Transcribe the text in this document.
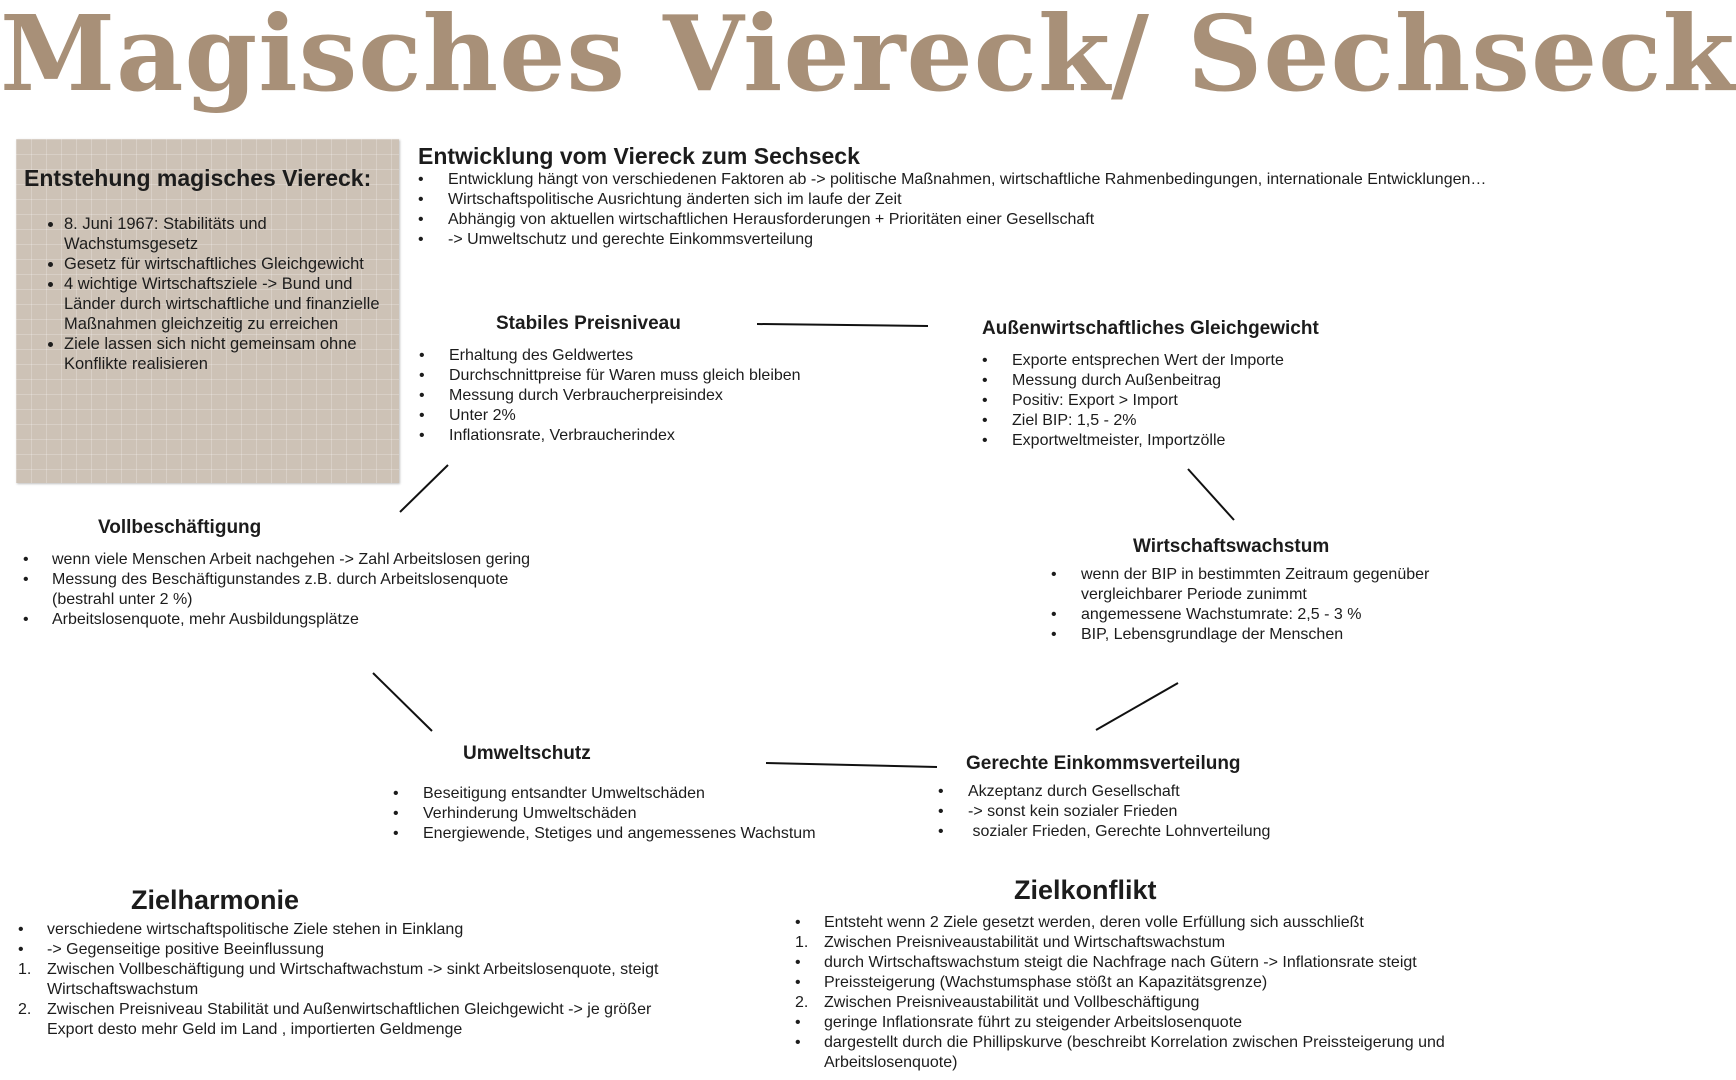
Magisches Viereck/ Sechseck
Entstehung magisches Viereck:
• 8. Juni 1967: Stabilitäts und Wachstumsgesetz
• Gesetz für wirtschaftliches Gleichgewicht
• 4 wichtige Wirtschaftsziele -> Bund und Länder durch wirtschaftliche und finanzielle Maßnahmen gleichzeitig zu erreichen
• Ziele lassen sich nicht gemeinsam ohne Konflikte realisieren
Entwicklung vom Viereck zum Sechseck
• Entwicklung hängt von verschiedenen Faktoren ab -> politische Maßnahmen, wirtschaftliche Rahmenbedingungen, internationale Entwicklungen…
• Wirtschaftspolitische Ausrichtung änderten sich im laufe der Zeit
• Abhängig von aktuellen wirtschaftlichen Herausforderungen + Prioritäten einer Gesellschaft
• -> Umweltschutz und gerechte Einkommsverteilung
Stabiles Preisniveau
• Erhaltung des Geldwertes
• Durchschnittpreise für Waren muss gleich bleiben
• Messung durch Verbraucherpreisindex
• Unter 2%
• Inflationsrate, Verbraucherindex
Außenwirtschaftliches Gleichgewicht
• Exporte entsprechen Wert der Importe
• Messung durch Außenbeitrag
• Positiv: Export > Import
• Ziel BIP: 1,5 - 2%
• Exportweltmeister, Importzölle
Vollbeschäftigung
• wenn viele Menschen Arbeit nachgehen -> Zahl Arbeitslosen gering
• Messung des Beschäftigunstandes z.B. durch Arbeitslosenquote (bestrahl unter 2 %)
• Arbeitslosenquote, mehr Ausbildungsplätze
Wirtschaftswachstum
• wenn der BIP in bestimmten Zeitraum gegenüber vergleichbarer Periode zunimmt
• angemessene Wachstumrate: 2,5 - 3 %
• BIP, Lebensgrundlage der Menschen
Umweltschutz
• Beseitigung entsandter Umweltschäden
• Verhinderung Umweltschäden
• Energiewende, Stetiges und angemessenes Wachstum
Gerechte Einkommsverteilung
• Akzeptanz durch Gesellschaft
• -> sonst kein sozialer Frieden
•  sozialer Frieden, Gerechte Lohnverteilung
Zielharmonie
• verschiedene wirtschaftspolitische Ziele stehen in Einklang
• -> Gegenseitige positive Beeinflussung
1. Zwischen Vollbeschäftigung und Wirtschaftwachstum -> sinkt Arbeitslosenquote, steigt Wirtschaftswachstum
2. Zwischen Preisniveau Stabilität und Außenwirtschaftlichen Gleichgewicht -> je größer Export desto mehr Geld im Land , importierten Geldmenge
Zielkonflikt
• Entsteht wenn 2 Ziele gesetzt werden, deren volle Erfüllung sich ausschließt
1. Zwischen Preisniveaustabilität und Wirtschaftswachstum
• durch Wirtschaftswachstum steigt die Nachfrage nach Gütern -> Inflationsrate steigt
• Preissteigerung (Wachstumsphase stößt an Kapazitätsgrenze)
2. Zwischen Preisniveaustabilität und Vollbeschäftigung
• geringe Inflationsrate führt zu steigender Arbeitslosenquote
• dargestellt durch die Phillipskurve (beschreibt Korrelation zwischen Preissteigerung und Arbeitslosenquote)
